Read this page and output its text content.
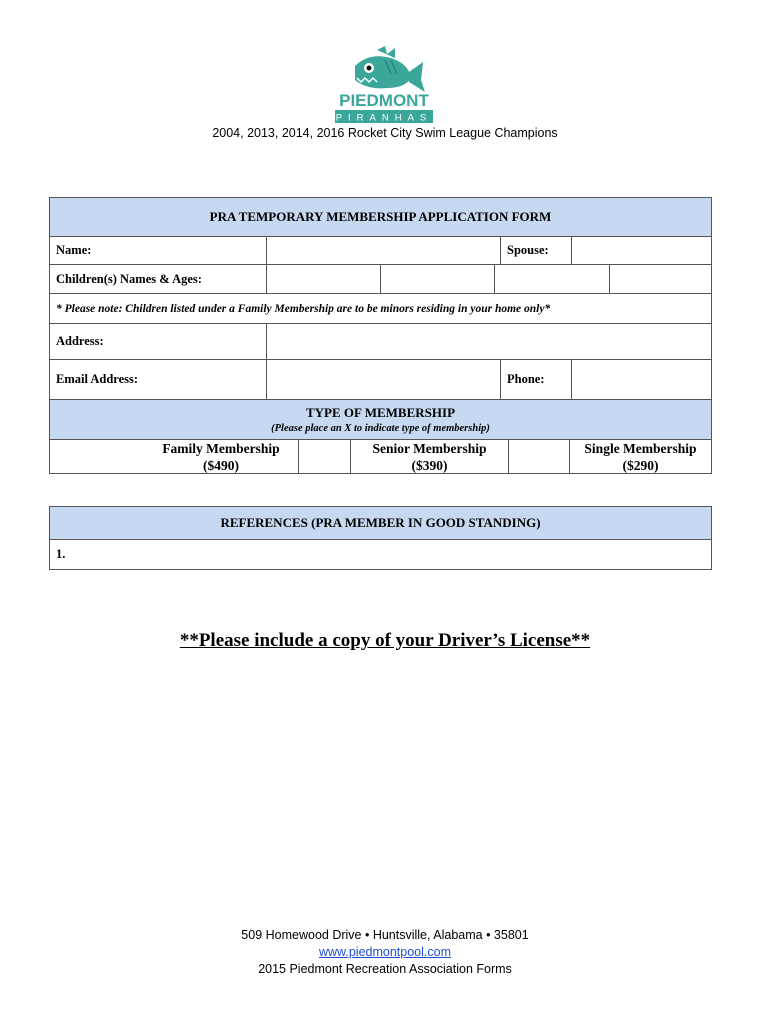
PIEDMONT
PIRANHAS
2004, 2013, 2014, 2016 Rocket City Swim League Champions
PRA TEMPORARY MEMBERSHIP APPLICATION FORM
Name:	Spouse:
Children(s) Names & Ages:
* Please note: Children listed under a Family Membership are to be minors residing in your home only*
Address:
Email Address:	Phone:
TYPE OF MEMBERSHIP
(Please place an X to indicate type of membership)
Family Membership
($490)
Senior Membership
($390)
Single Membership
($290)
REFERENCES (PRA MEMBER IN GOOD STANDING)
1.
**Please include a copy of your Driver’s License**
509 Homewood Drive • Huntsville, Alabama • 35801
www.piedmontpool.com
2015 Piedmont Recreation Association Forms
